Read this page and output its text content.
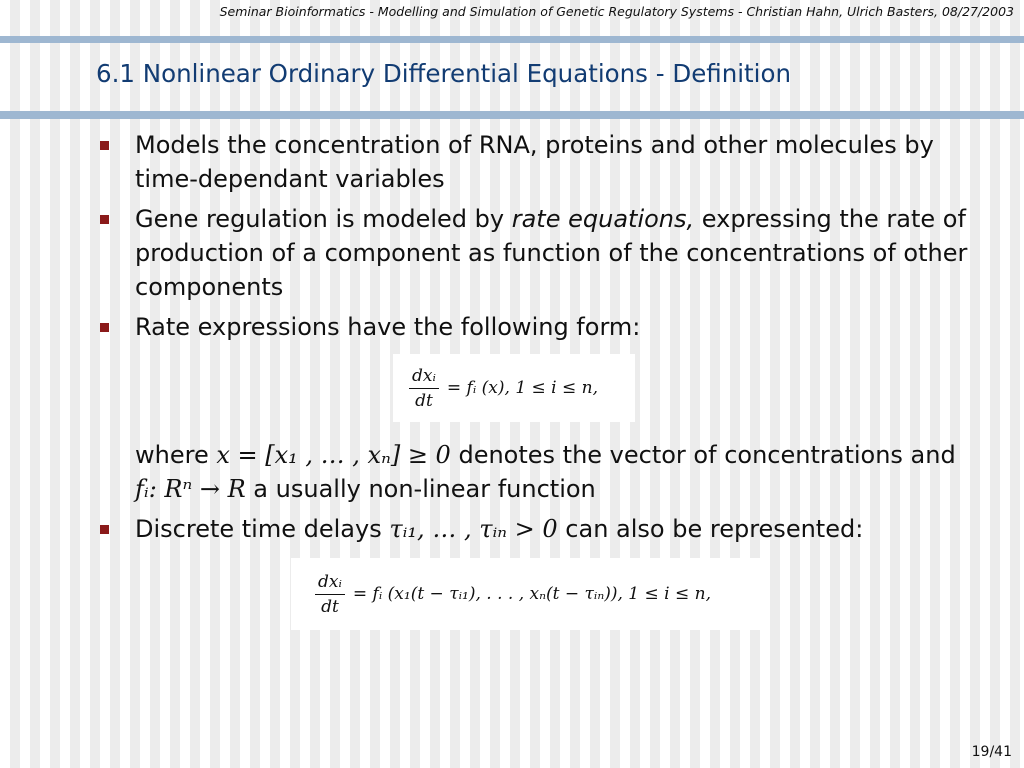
Seminar Bioinformatics - Modelling and Simulation of Genetic Regulatory Systems - Christian Hahn, Ulrich Basters, 08/27/2003
6.1 Nonlinear Ordinary Differential Equations - Definition
Models the concentration of RNA, proteins and other molecules by time-dependant variables
Gene regulation is modeled by rate equations, expressing the rate of production of a component as function of the concentrations of other components
Rate expressions have the following form:
$\frac{\text{dxᵢ}}{dt}$ = fᵢ (x), 1 ≤ i ≤ n,
where x = [x₁ , … , xₙ] ≥ 0 denotes the vector of concentrations and fᵢ: Rⁿ → R a usually non-linear function
Discrete time delays τᵢ₁, … , τᵢₙ > 0 can also be represented:
$\frac{\text{dxᵢ}}{dt}$ = fᵢ (x₁(t − τᵢ₁), . . . , xₙ(t − τᵢₙ)), 1 ≤ i ≤ n,
19/41
